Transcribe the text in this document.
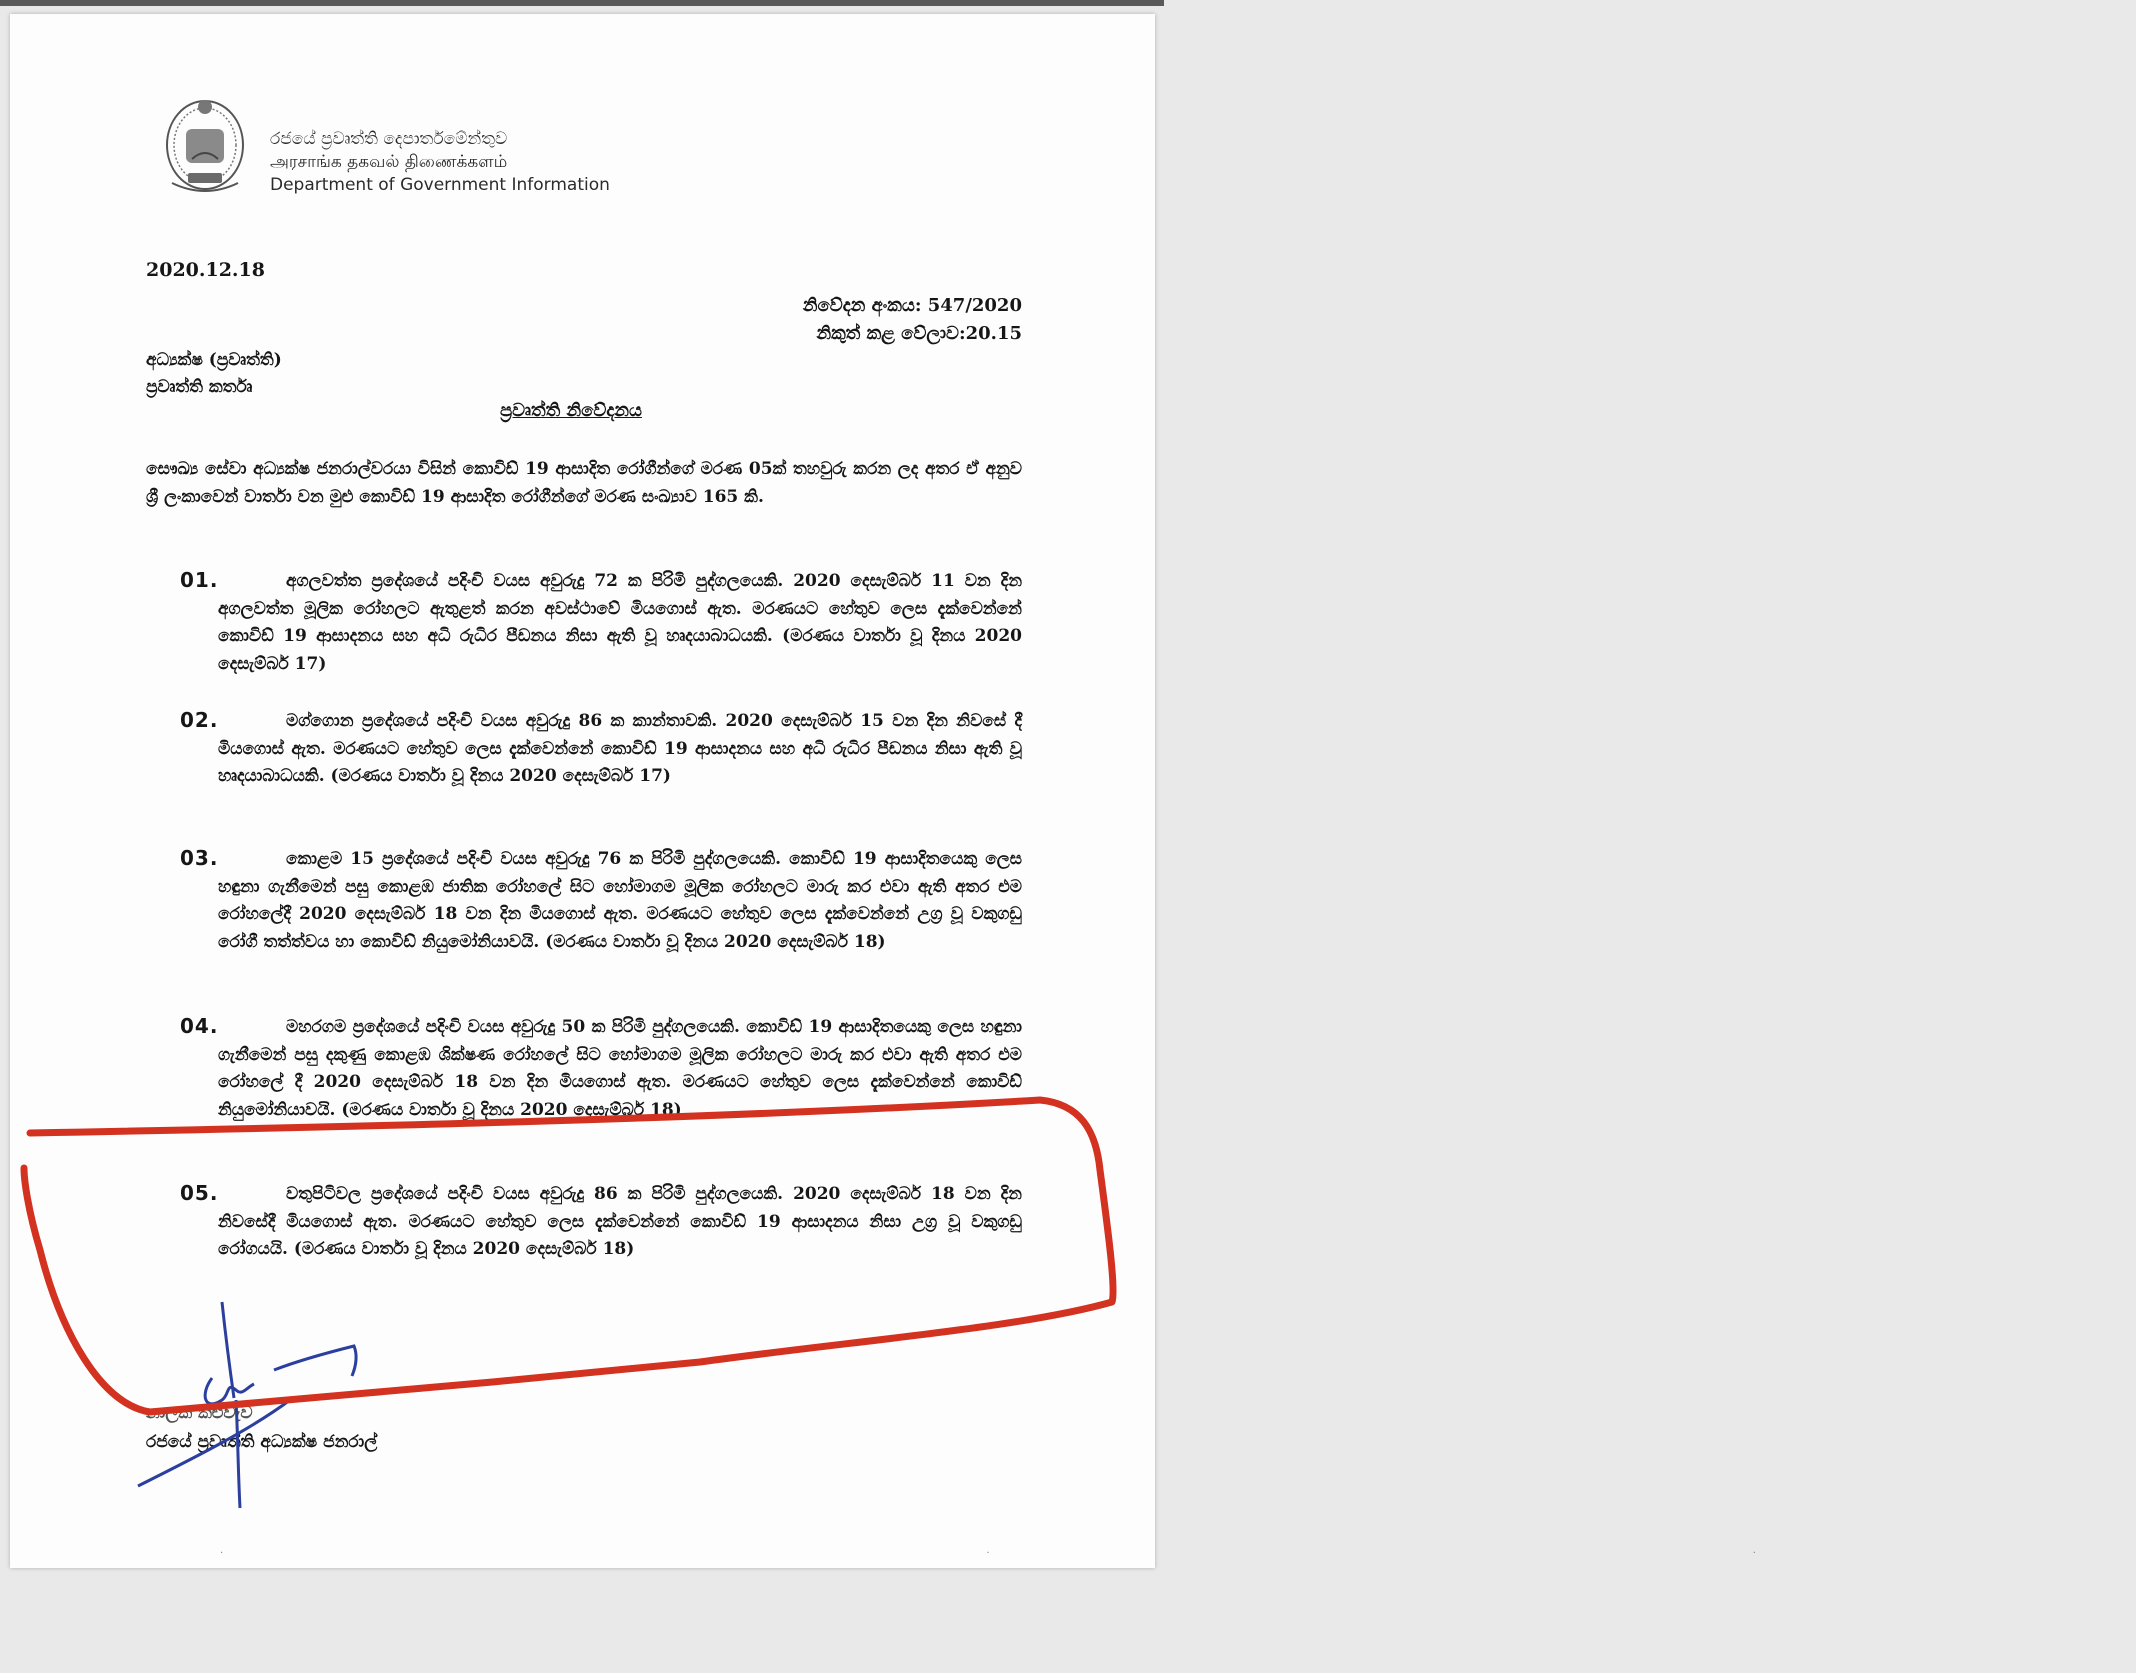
රජයේ ප්‍රවෘත්ති දෙපාර්තමේන්තුව
அரசாங்க தகவல் திணைக்களம்
Department of Government Information
2020.12.18
නිවේදන අංකය: 547/2020
නිකුත් කළ වේලාව:20.15
අධ්‍යක්ෂ (ප්‍රවෘත්ති)
ප්‍රවෘත්ති කර්තෘ
ප්‍රවෘත්ති නිවේදනය
සෞඛ්‍ය සේවා අධ්‍යක්ෂ ජනරාල්වරයා විසින් කොවිඩ් 19 ආසාදිත රෝගීන්ගේ මරණ 05ක් තහවුරු කරන ලද අතර ඒ අනුව ශ්‍රී ලංකාවෙන් වාර්තා වන මුළු කොවිඩ් 19 ආසාදිත රෝගීන්ගේ මරණ සංඛ්‍යාව 165 කි.
01.	අගලවත්ත ප්‍රදේශයේ පදිංචි වයස අවුරුදු 72 ක පිරිමි පුද්ගලයෙකි. 2020 දෙසැම්බර් 11 වන දින අගලවත්ත මූලික රෝහලට ඇතුළත් කරන අවස්ථාවේ මියගොස් ඇත. මරණයට හේතුව ලෙස දැක්වෙන්නේ කොවිඩ් 19 ආසාදනය සහ අධි රුධිර පීඩනය නිසා ඇති වූ හෘදයාබාධයකි. (මරණය වාර්තා වූ දිනය 2020 දෙසැම්බර් 17)
02.	මග්ගොන ප්‍රදේශයේ පදිංචි වයස අවුරුදු 86 ක කාන්තාවකි. 2020 දෙසැම්බර් 15 වන දින නිවසේ දී මියගොස් ඇත. මරණයට හේතුව ලෙස දැක්වෙන්නේ කොවිඩ් 19 ආසාදනය සහ අධි රුධිර පීඩනය නිසා ඇති වූ හෘදයාබාධයකි. (මරණය වාර්තා වූ දිනය 2020 දෙසැම්බර් 17)
03.	කොළම 15 ප්‍රදේශයේ පදිංචි වයස අවුරුදු 76 ක පිරිමි පුද්ගලයෙකි. කොවිඩ් 19 ආසාදිතයෙකු ලෙස හඳුනා ගැනීමෙන් පසු කොළඹ ජාතික රෝහලේ සිට හෝමාගම මූලික රෝහලට මාරු කර එවා ඇති අතර එම රෝහලේදී 2020 දෙසැම්බර් 18 වන දින මියගොස් ඇත. මරණයට හේතුව ලෙස දැක්වෙන්නේ උග්‍ර වූ වකුගඩු රෝගී තත්ත්වය හා කොවිඩ් නියුමෝනියාවයි. (මරණය වාර්තා වූ දිනය 2020 දෙසැම්බර් 18)
04.	මහරගම ප්‍රදේශයේ පදිංචි වයස අවුරුදු 50 ක පිරිමි පුද්ගලයෙකි. කොවිඩ් 19 ආසාදිතයෙකු ලෙස හඳුනා ගැනීමෙන් පසු දකුණු කොළඹ ශික්ෂණ රෝහලේ සිට හෝමාගම මූලික රෝහලට මාරු කර එවා ඇති අතර එම රෝහලේ දී 2020 දෙසැම්බර් 18 වන දින මියගොස් ඇත. මරණයට හේතුව ලෙස දැක්වෙන්නේ කොවිඩ් නියුමෝනියාවයි. (මරණය වාර්තා වූ දිනය 2020 දෙසැම්බර් 18)
05.	වතුපිටිවල ප්‍රදේශයේ පදිංචි වයස අවුරුදු 86 ක පිරිමි පුද්ගලයෙකි. 2020 දෙසැම්බර් 18 වන දින නිවසේදී මියගොස් ඇත. මරණයට හේතුව ලෙස දැක්වෙන්නේ කොවිඩ් 19 ආසාදනය නිසා උග්‍ර වූ වකුගඩු රෝගයයි. (මරණය වාර්තා වූ දිනය 2020 දෙසැම්බර් 18)
නාලක කළුවැව
රජයේ ප්‍රවෘත්ති අධ්‍යක්ෂ ජනරාල්
· · ·
